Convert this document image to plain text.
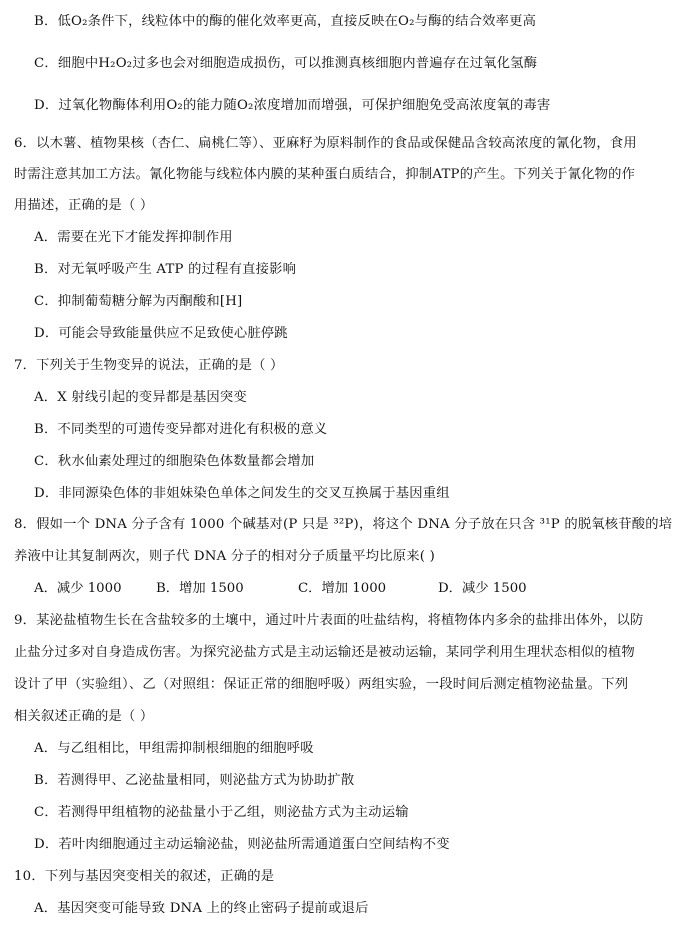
B．低O₂条件下，线粒体中的酶的催化效率更高，直接反映在O₂与酶的结合效率更高
C．细胞中H₂O₂过多也会对细胞造成损伤，可以推测真核细胞内普遍存在过氧化氢酶
D．过氧化物酶体利用O₂的能力随O₂浓度增加而增强，可保护细胞免受高浓度氧的毒害
6．以木薯、植物果核（杏仁、扁桃仁等）、亚麻籽为原料制作的食品或保健品含较高浓度的氰化物，食用
时需注意其加工方法。氰化物能与线粒体内膜的某种蛋白质结合，抑制ATP的产生。下列关于氰化物的作
用描述，正确的是（ ）
A．需要在光下才能发挥抑制作用
B．对无氧呼吸产生 ATP 的过程有直接影响
C．抑制葡萄糖分解为丙酮酸和[H]
D．可能会导致能量供应不足致使心脏停跳
7．下列关于生物变异的说法，正确的是（ ）
A．X 射线引起的变异都是基因突变
B．不同类型的可遗传变异都对进化有积极的意义
C．秋水仙素处理过的细胞染色体数量都会增加
D．非同源染色体的非姐妹染色单体之间发生的交叉互换属于基因重组
8．假如一个 DNA 分子含有 1000 个碱基对(P 只是 ³²P)，将这个 DNA 分子放在只含 ³¹P 的脱氧核苷酸的培
养液中让其复制两次，则子代 DNA 分子的相对分子质量平均比原来( )
A．减少 1000	B．增加 1500	C．增加 1000	D．减少 1500
9．某泌盐植物生长在含盐较多的土壤中，通过叶片表面的吐盐结构，将植物体内多余的盐排出体外，以防
止盐分过多对自身造成伤害。为探究泌盐方式是主动运输还是被动运输，某同学利用生理状态相似的植物
设计了甲（实验组）、乙（对照组：保证正常的细胞呼吸）两组实验，一段时间后测定植物泌盐量。下列
相关叙述正确的是（ ）
A．与乙组相比，甲组需抑制根细胞的细胞呼吸
B．若测得甲、乙泌盐量相同，则泌盐方式为协助扩散
C．若测得甲组植物的泌盐量小于乙组，则泌盐方式为主动运输
D．若叶肉细胞通过主动运输泌盐，则泌盐所需通道蛋白空间结构不变
10．下列与基因突变相关的叙述，正确的是
A．基因突变可能导致 DNA 上的终止密码子提前或退后
